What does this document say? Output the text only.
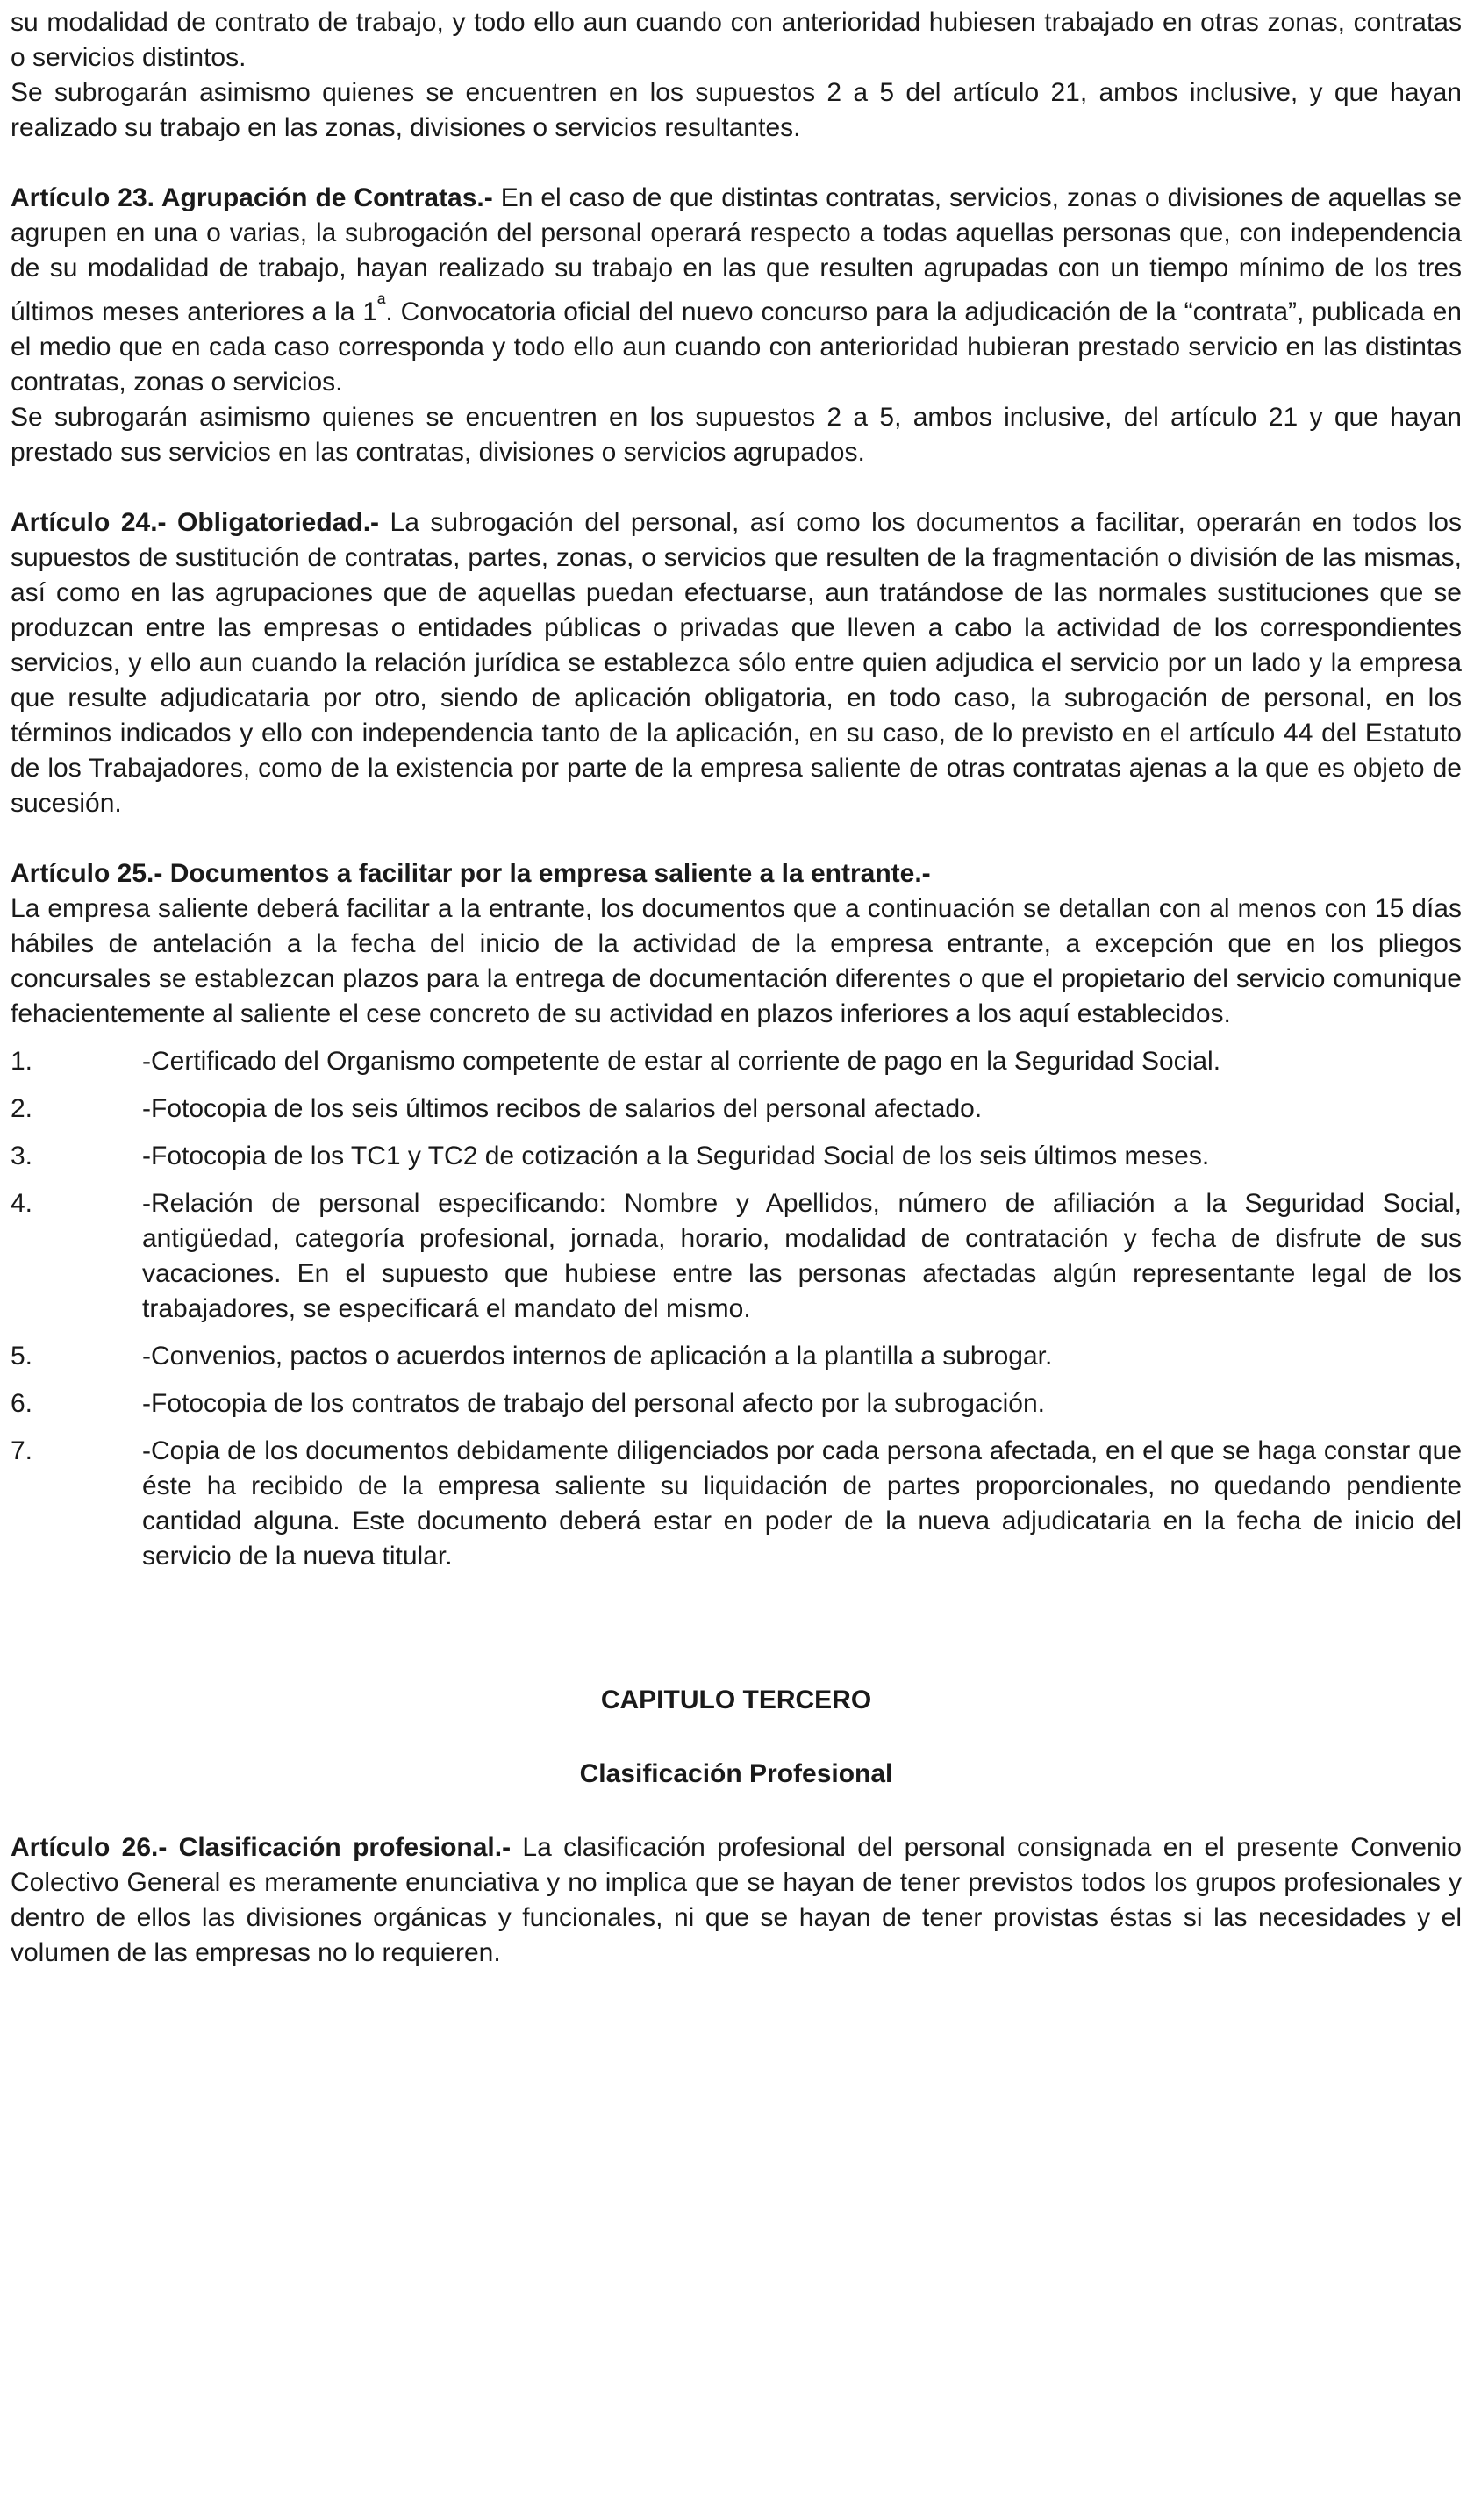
su modalidad de contrato de trabajo, y todo ello aun cuando con anterioridad hubiesen trabajado en otras zonas, contratas o servicios distintos.

Se subrogarán asimismo quienes se encuentren en los supuestos 2 a 5 del artículo 21, ambos inclusive, y que hayan realizado su trabajo en las zonas, divisiones o servicios resultantes.

Artículo 23. Agrupación de Contratas.- En el caso de que distintas contratas, servicios, zonas o divisiones de aquellas se agrupen en una o varias, la subrogación del personal operará respecto a todas aquellas personas que, con independencia de su modalidad de trabajo, hayan realizado su trabajo en las que resulten agrupadas con un tiempo mínimo de los tres últimos meses anteriores a la $1^ª$. Convocatoria oficial del nuevo concurso para la adjudicación de la “contrata”, publicada en el medio que en cada caso corresponda y todo ello aun cuando con anterioridad hubieran prestado servicio en las distintas contratas, zonas o servicios.

Se subrogarán asimismo quienes se encuentren en los supuestos 2 a 5, ambos inclusive, del artículo 21 y que hayan prestado sus servicios en las contratas, divisiones o servicios agrupados.

Artículo 24.- Obligatoriedad.- La subrogación del personal, así como los documentos a facilitar, operarán en todos los supuestos de sustitución de contratas, partes, zonas, o servicios que resulten de la fragmentación o división de las mismas, así como en las agrupaciones que de aquellas puedan efectuarse, aun tratándose de las normales sustituciones que se produzcan entre las empresas o entidades públicas o privadas que lleven a cabo la actividad de los correspondientes servicios, y ello aun cuando la relación jurídica se establezca sólo entre quien adjudica el servicio por un lado y la empresa que resulte adjudicataria por otro, siendo de aplicación obligatoria, en todo caso, la subrogación de personal, en los términos indicados y ello con independencia tanto de la aplicación, en su caso, de lo previsto en el artículo 44 del Estatuto de los Trabajadores, como de la existencia por parte de la empresa saliente de otras contratas ajenas a la que es objeto de sucesión.

Artículo 25.- Documentos a facilitar por la empresa saliente a la entrante.-

La empresa saliente deberá facilitar a la entrante, los documentos que a continuación se detallan con al menos con 15 días hábiles de antelación a la fecha del inicio de la actividad de la empresa entrante, a excepción que en los pliegos concursales se establezcan plazos para la entrega de documentación diferentes o que el propietario del servicio comunique fehacientemente al saliente el cese concreto de su actividad en plazos inferiores a los aquí establecidos.

1.	-Certificado del Organismo competente de estar al corriente de pago en la Seguridad Social.
2.	-Fotocopia de los seis últimos recibos de salarios del personal afectado.
3.	-Fotocopia de los TC1 y TC2 de cotización a la Seguridad Social de los seis últimos meses.
4.	-Relación de personal especificando: Nombre y Apellidos, número de afiliación a la Seguridad Social, antigüedad, categoría profesional, jornada, horario, modalidad de contratación y fecha de disfrute de sus vacaciones. En el supuesto que hubiese entre las personas afectadas algún representante legal de los trabajadores, se especificará el mandato del mismo.
5.	-Convenios, pactos o acuerdos internos de aplicación a la plantilla a subrogar.
6.	-Fotocopia de los contratos de trabajo del personal afecto por la subrogación.
7.	-Copia de los documentos debidamente diligenciados por cada persona afectada, en el que se haga constar que éste ha recibido de la empresa saliente su liquidación de partes proporcionales, no quedando pendiente cantidad alguna. Este documento deberá estar en poder de la nueva adjudicataria en la fecha de inicio del servicio de la nueva titular.

CAPITULO TERCERO

Clasificación Profesional

Artículo 26.- Clasificación profesional.- La clasificación profesional del personal consignada en el presente Convenio Colectivo General es meramente enunciativa y no implica que se hayan de tener previstos todos los grupos profesionales y dentro de ellos las divisiones orgánicas y funcionales, ni que se hayan de tener provistas éstas si las necesidades y el volumen de las empresas no lo requieren.
